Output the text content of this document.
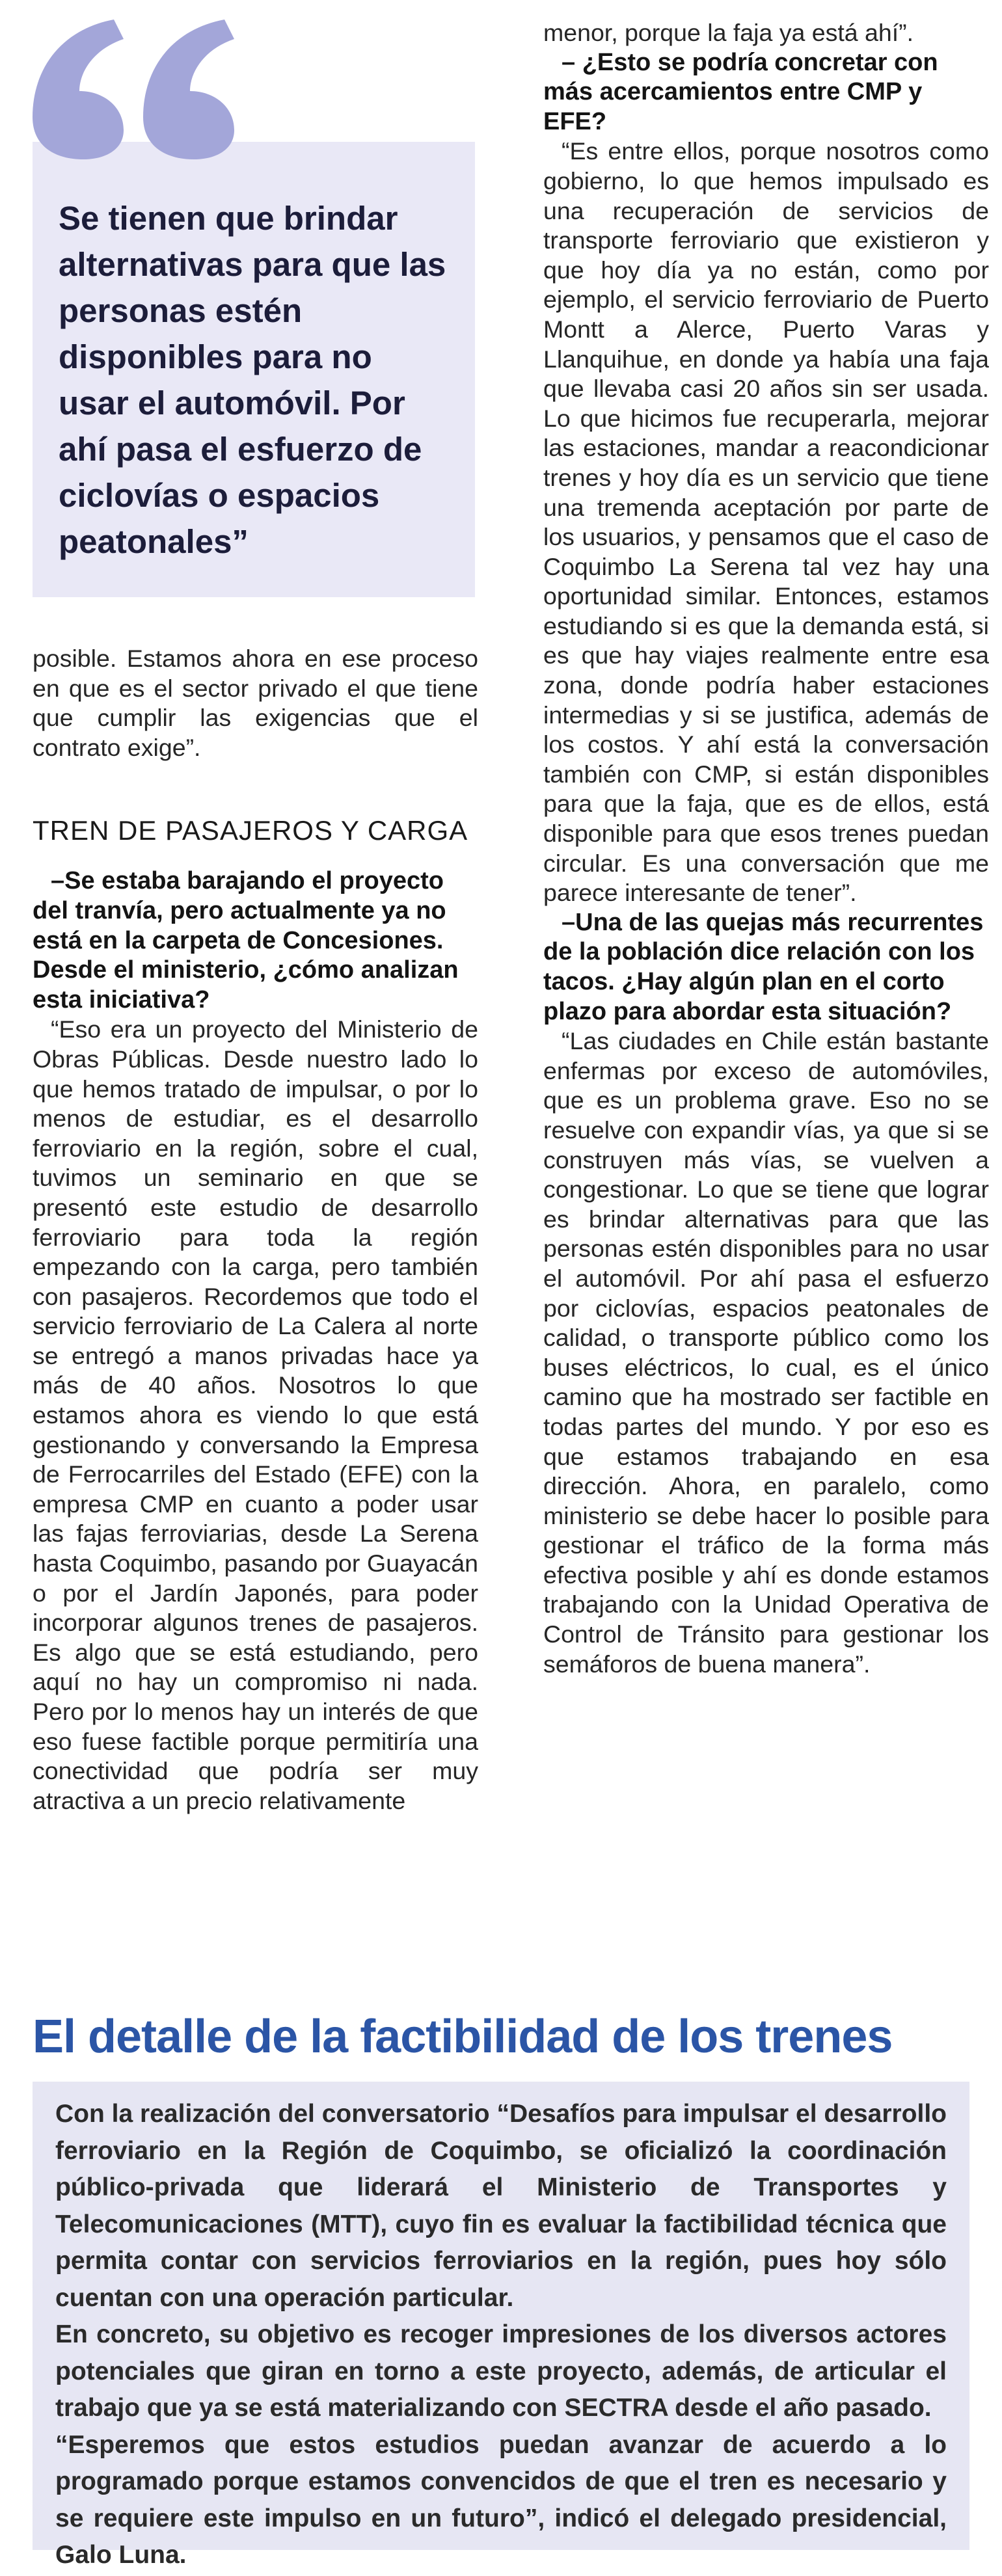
Se tienen que brindar alternativas para que las personas estén disponibles para no usar el automóvil. Por ahí pasa el esfuerzo de ciclovías o espacios peatonales”

posible. Estamos ahora en ese proceso en que es el sector privado el que tiene que cumplir las exigencias que el contrato exige”.

TREN DE PASAJEROS Y CARGA

–Se estaba barajando el proyecto del tranvía, pero actualmente ya no está en la carpeta de Concesiones. Desde el ministerio, ¿cómo analizan esta iniciativa?

“Eso era un proyecto del Ministerio de Obras Públicas. Desde nuestro lado lo que hemos tratado de impulsar, o por lo menos de estudiar, es el desarrollo ferroviario en la región, sobre el cual, tuvimos un seminario en que se presentó este estudio de desarrollo ferroviario para toda la región empezando con la carga, pero también con pasajeros. Recordemos que todo el servicio ferroviario de La Calera al norte se entregó a manos privadas hace ya más de 40 años. Nosotros lo que estamos ahora es viendo lo que está gestionando y conversando la Empresa de Ferrocarriles del Estado (EFE) con la empresa CMP en cuanto a poder usar las fajas ferroviarias, desde La Serena hasta Coquimbo, pasando por Guayacán o por el Jardín Japonés, para poder incorporar algunos trenes de pasajeros. Es algo que se está estudiando, pero aquí no hay un compromiso ni nada. Pero por lo menos hay un interés de que eso fuese factible porque permitiría una conectividad que podría ser muy atractiva a un precio relativamente

menor, porque la faja ya está ahí”.

– ¿Esto se podría concretar con más acercamientos entre CMP y EFE?

“Es entre ellos, porque nosotros como gobierno, lo que hemos impulsado es una recuperación de servicios de transporte ferroviario que existieron y que hoy día ya no están, como por ejemplo, el servicio ferroviario de Puerto Montt a Alerce, Puerto Varas y Llanquihue, en donde ya había una faja que llevaba casi 20 años sin ser usada. Lo que hicimos fue recuperarla, mejorar las estaciones, mandar a reacondicionar trenes y hoy día es un servicio que tiene una tremenda aceptación por parte de los usuarios, y pensamos que el caso de Coquimbo La Serena tal vez hay una oportunidad similar. Entonces, estamos estudiando si es que la demanda está, si es que hay viajes realmente entre esa zona, donde podría haber estaciones intermedias y si se justifica, además de los costos. Y ahí está la conversación también con CMP, si están disponibles para que la faja, que es de ellos, está disponible para que esos trenes puedan circular. Es una conversación que me parece interesante de tener”.

–Una de las quejas más recurrentes de la población dice relación con los tacos. ¿Hay algún plan en el corto plazo para abordar esta situación?

“Las ciudades en Chile están bastante enfermas por exceso de automóviles, que es un problema grave. Eso no se resuelve con expandir vías, ya que si se construyen más vías, se vuelven a congestionar. Lo que se tiene que lograr es brindar alternativas para que las personas estén disponibles para no usar el automóvil. Por ahí pasa el esfuerzo por ciclovías, espacios peatonales de calidad, o transporte público como los buses eléctricos, lo cual, es el único camino que ha mostrado ser factible en todas partes del mundo. Y por eso es que estamos trabajando en esa dirección. Ahora, en paralelo, como ministerio se debe hacer lo posible para gestionar el tráfico de la forma más efectiva posible y ahí es donde estamos trabajando con la Unidad Operativa de Control de Tránsito para gestionar los semáforos de buena manera”.

El detalle de la factibilidad de los trenes

Con la realización del conversatorio “Desafíos para impulsar el desarrollo ferroviario en la Región de Coquimbo, se oficializó la coordinación público-privada que liderará el Ministerio de Transportes y Telecomunicaciones (MTT), cuyo fin es evaluar la factibilidad técnica que permita contar con servicios ferroviarios en la región, pues hoy sólo cuentan con una operación particular.

En concreto, su objetivo es recoger impresiones de los diversos actores potenciales que giran en torno a este proyecto, además, de articular el trabajo que ya se está materializando con SECTRA desde el año pasado.

“Esperemos que estos estudios puedan avanzar de acuerdo a lo programado porque estamos convencidos de que el tren es necesario y se requiere este impulso en un futuro”, indicó el delegado presidencial, Galo Luna.
